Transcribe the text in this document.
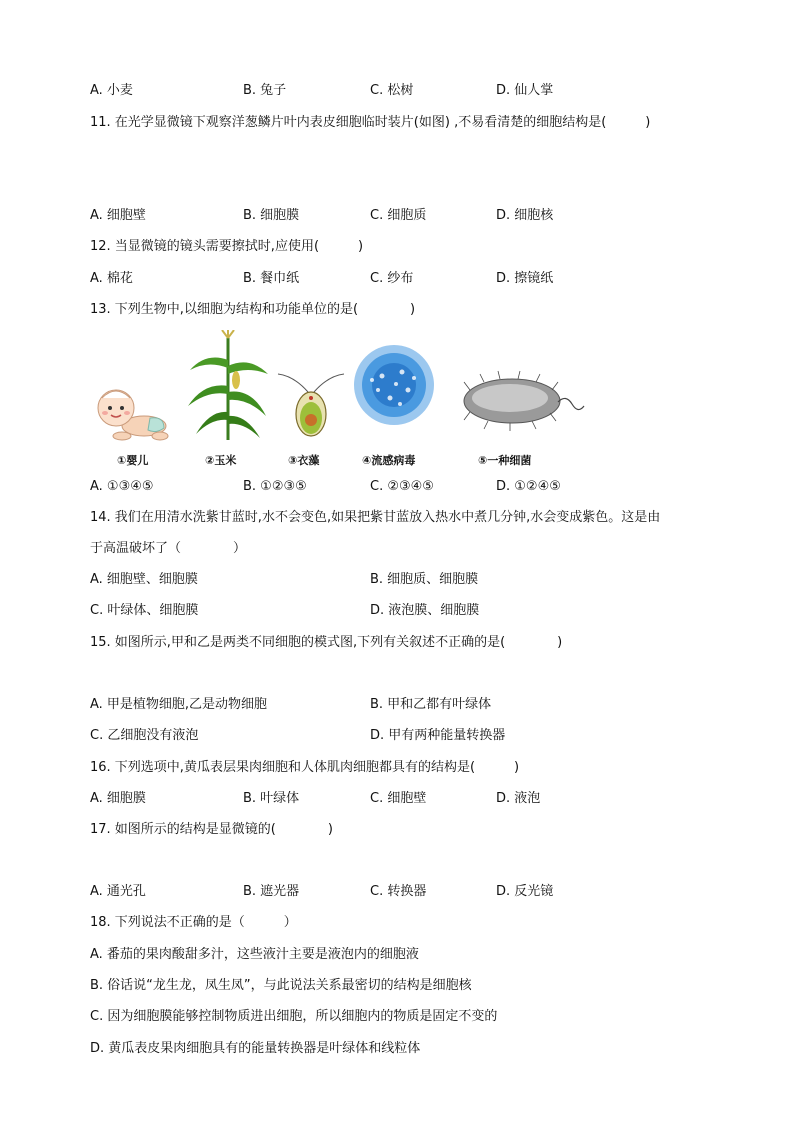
A. 小麦	B. 兔子	C. 松树	D. 仙人掌
11. 在光学显微镜下观察洋葱鳞片叶内表皮细胞临时装片(如图) ,不易看清楚的细胞结构是(　　　)
A. 细胞壁	B. 细胞膜	C. 细胞质	D. 细胞核
12. 当显微镜的镜头需要擦拭时,应使用(　　　)
A. 棉花	B. 餐巾纸	C. 纱布	D. 擦镜纸
13. 下列生物中,以细胞为结构和功能单位的是(　　　　)
①婴儿	②玉米	③衣藻	④流感病毒	⑤一种细菌
A. ①③④⑤	B. ①②③⑤	C. ②③④⑤	D. ①②④⑤
14. 我们在用清水洗紫甘蓝时,水不会变色,如果把紫甘蓝放入热水中煮几分钟,水会变成紫色。这是由
于高温破坏了（　　　　）
A. 细胞壁、细胞膜	B. 细胞质、细胞膜
C. 叶绿体、细胞膜	D. 液泡膜、细胞膜
15. 如图所示,甲和乙是两类不同细胞的模式图,下列有关叙述不正确的是(　　　　)
A. 甲是植物细胞,乙是动物细胞	B. 甲和乙都有叶绿体
C. 乙细胞没有液泡	D. 甲有两种能量转换器
16. 下列选项中,黄瓜表层果肉细胞和人体肌肉细胞都具有的结构是(　　　)
A. 细胞膜	B. 叶绿体	C. 细胞壁	D. 液泡
17. 如图所示的结构是显微镜的(　　　　)
A. 通光孔	B. 遮光器	C. 转换器	D. 反光镜
18. 下列说法不正确的是（　　　）
A. 番茄的果肉酸甜多汁，这些液汁主要是液泡内的细胞液
B. 俗话说“龙生龙，凤生凤”，与此说法关系最密切的结构是细胞核
C. 因为细胞膜能够控制物质进出细胞，所以细胞内的物质是固定不变的
D. 黄瓜表皮果肉细胞具有的能量转换器是叶绿体和线粒体
